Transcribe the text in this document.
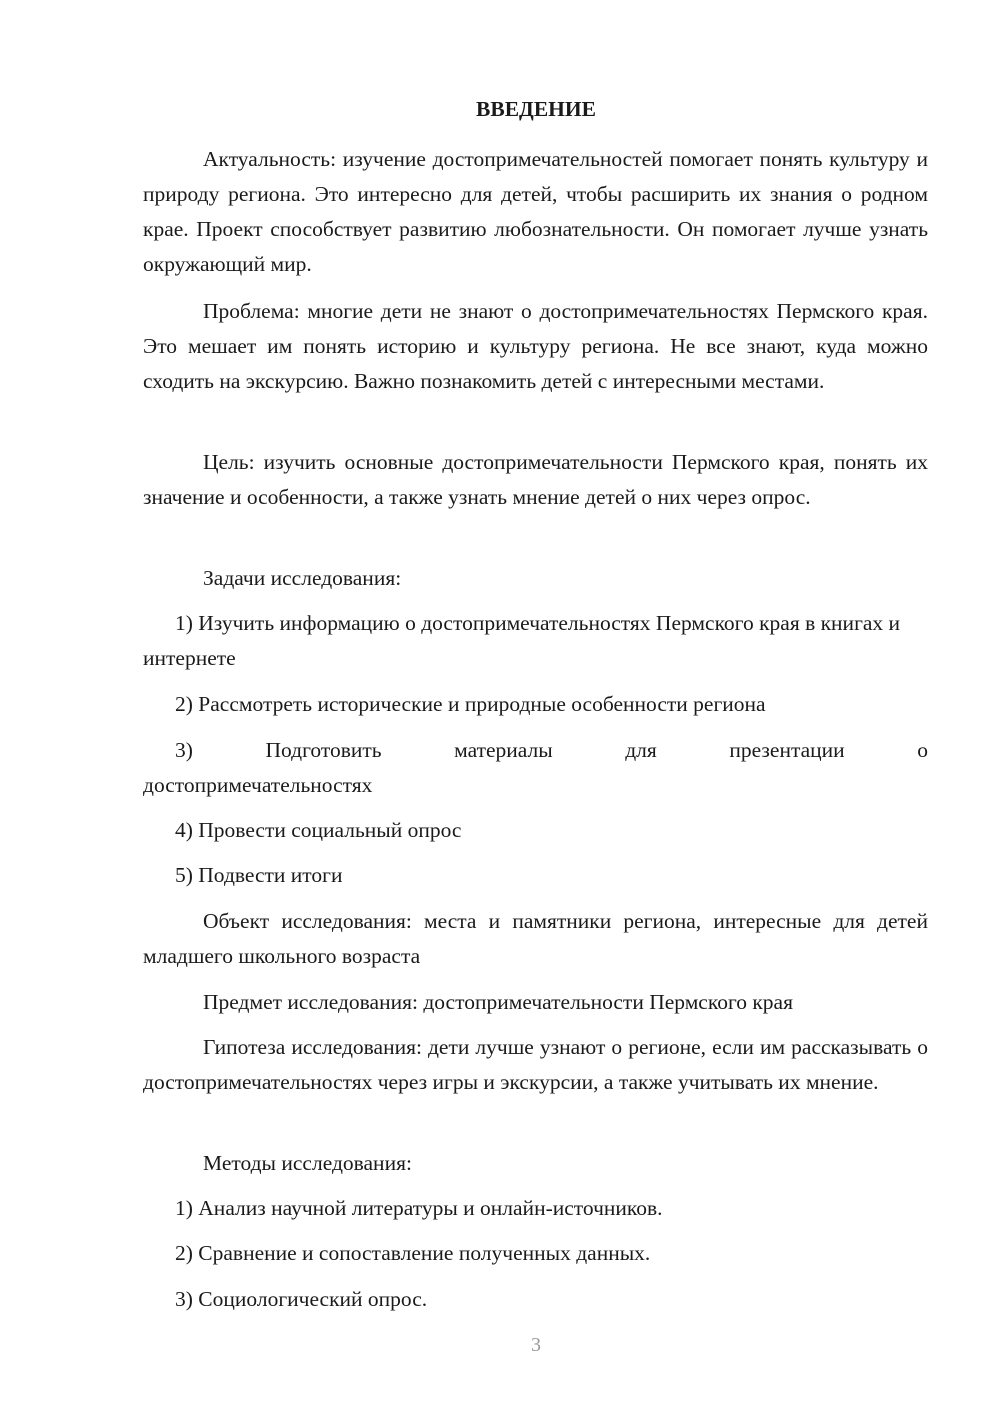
ВВЕДЕНИЕ

Актуальность: изучение достопримечательностей помогает понять культуру и природу региона. Это интересно для детей, чтобы расширить их знания о родном крае. Проект способствует развитию любознательности. Он помогает лучше узнать окружающий мир.

Проблема: многие дети не знают о достопримечательностях Пермского края. Это мешает им понять историю и культуру региона. Не все знают, куда можно сходить на экскурсию. Важно познакомить детей с интересными местами.

Цель: изучить основные достопримечательности Пермского края, понять их значение и особенности, а также узнать мнение детей о них через опрос.

Задачи исследования:

1) Изучить информацию о достопримечательностях Пермского края в книгах и интернете

2) Рассмотреть исторические и природные особенности региона

3)	Подготовить	материалы	для	презентации	о
достопримечательностях

4) Провести социальный опрос

5) Подвести итоги

Объект исследования: места и памятники региона, интересные для детей младшего школьного возраста

Предмет исследования: достопримечательности Пермского края

Гипотеза исследования: дети лучше узнают о регионе, если им рассказывать о достопримечательностях через игры и экскурсии, а также учитывать их мнение.

Методы исследования:

1) Анализ научной литературы и онлайн-источников.

2) Сравнение и сопоставление полученных данных.

3) Социологический опрос.

3
